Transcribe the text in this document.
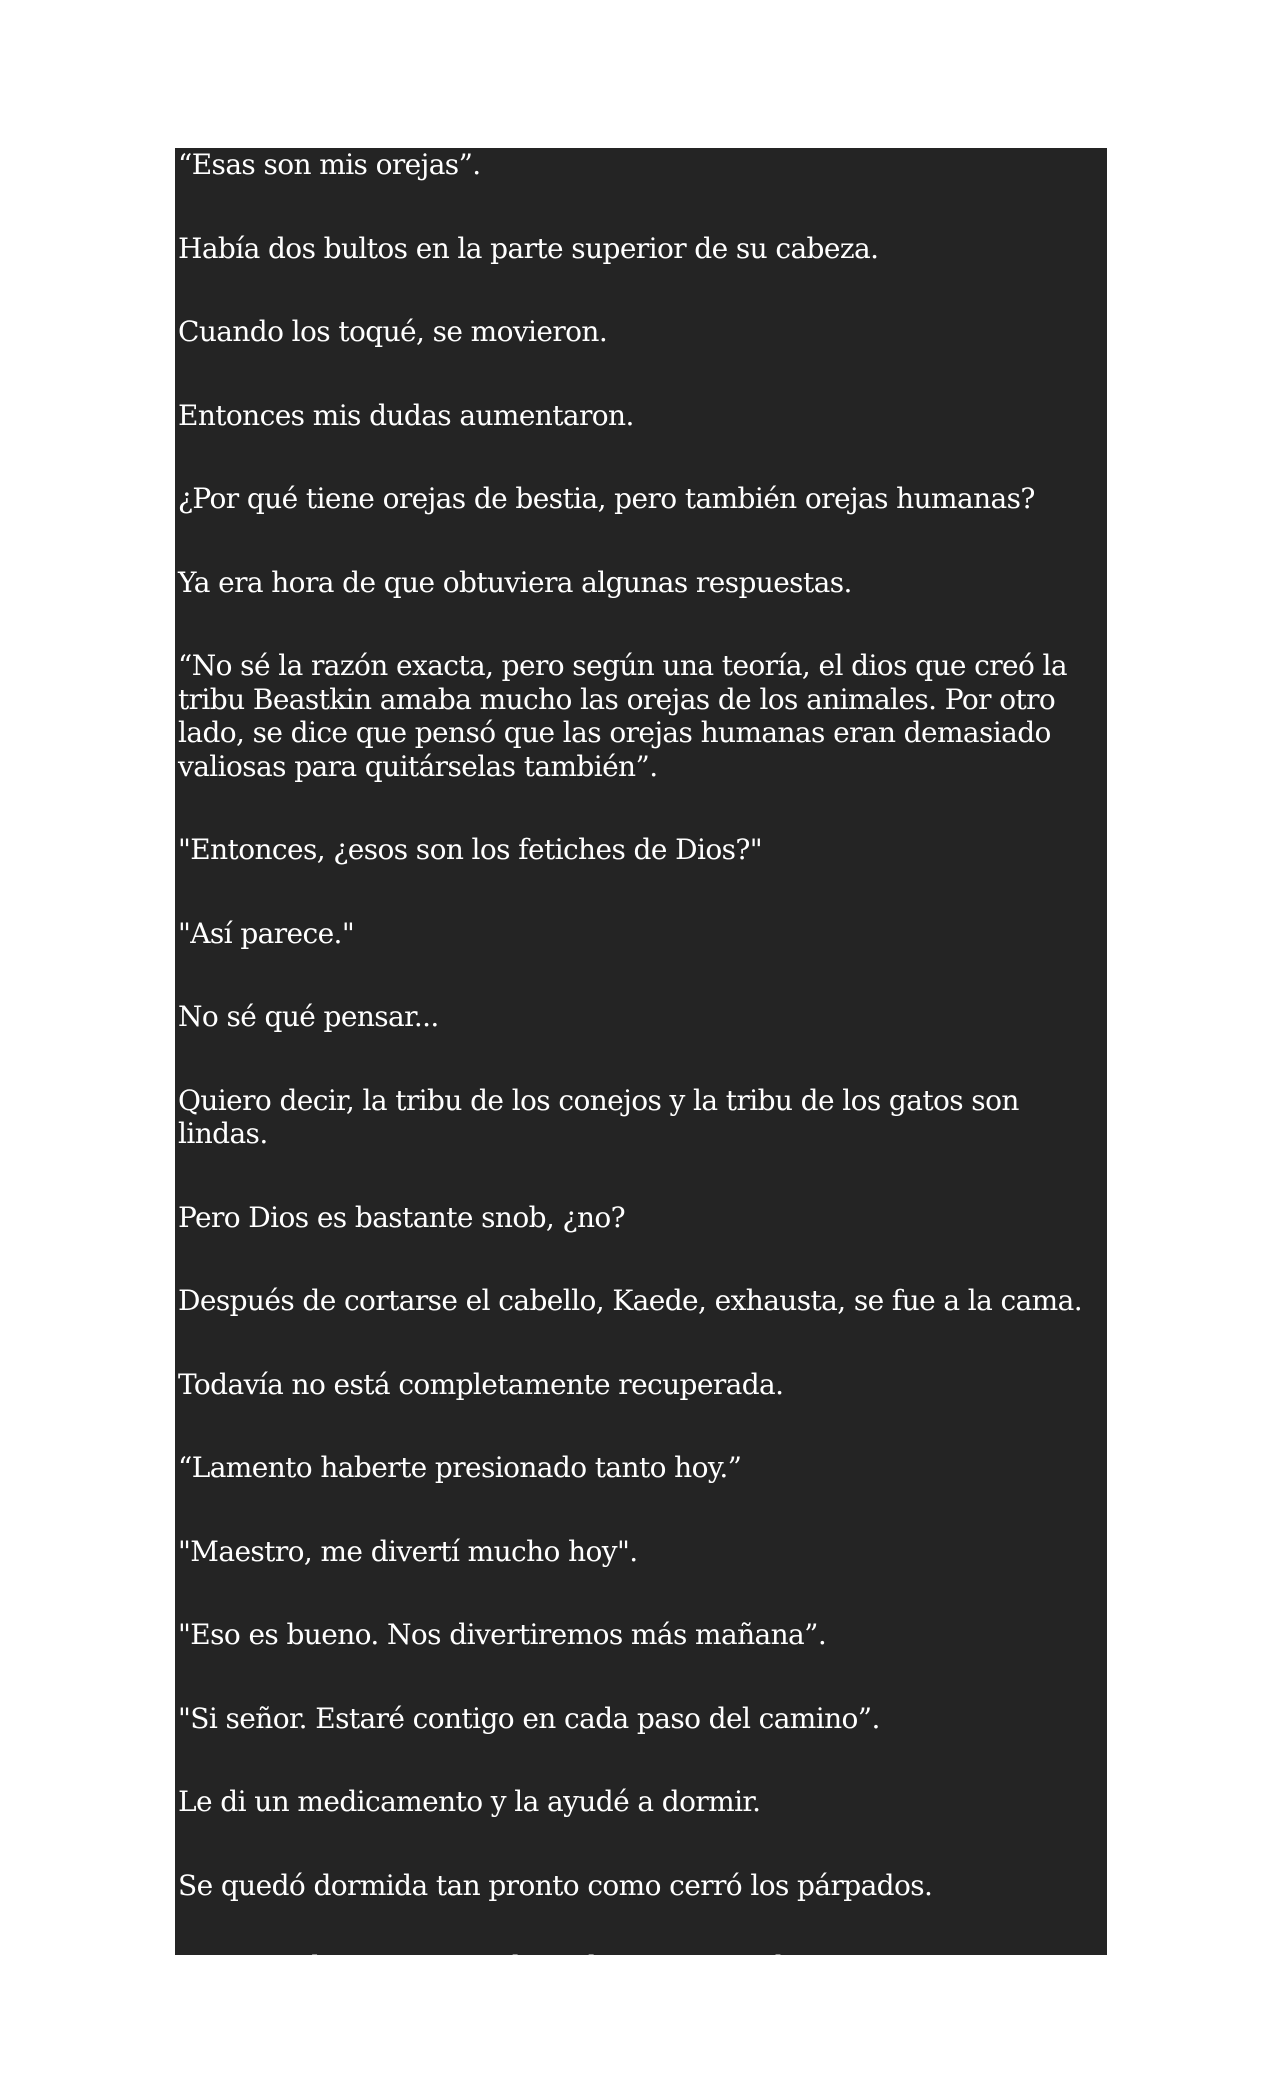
“Esas son mis orejas”.

Había dos bultos en la parte superior de su cabeza.

Cuando los toqué, se movieron.

Entonces mis dudas aumentaron.

¿Por qué tiene orejas de bestia, pero también orejas humanas?

Ya era hora de que obtuviera algunas respuestas.

“No sé la razón exacta, pero según una teoría, el dios que creó la tribu Beastkin amaba mucho las orejas de los animales. Por otro lado, se dice que pensó que las orejas humanas eran demasiado valiosas para quitárselas también”.

"Entonces, ¿esos son los fetiches de Dios?"

"Así parece."

No sé qué pensar...

Quiero decir, la tribu de los conejos y la tribu de los gatos son lindas.

Pero Dios es bastante snob, ¿no?

Después de cortarse el cabello, Kaede, exhausta, se fue a la cama.

Todavía no está completamente recuperada.

“Lamento haberte presionado tanto hoy.”

"Maestro, me divertí mucho hoy".

"Eso es bueno. Nos divertiremos más mañana”.

"Si señor. Estaré contigo en cada paso del camino”.

Le di un medicamento y la ayudé a dormir.

Se quedó dormida tan pronto como cerró los párpados.

Creo que hemos recorrido un largo camino hoy.
